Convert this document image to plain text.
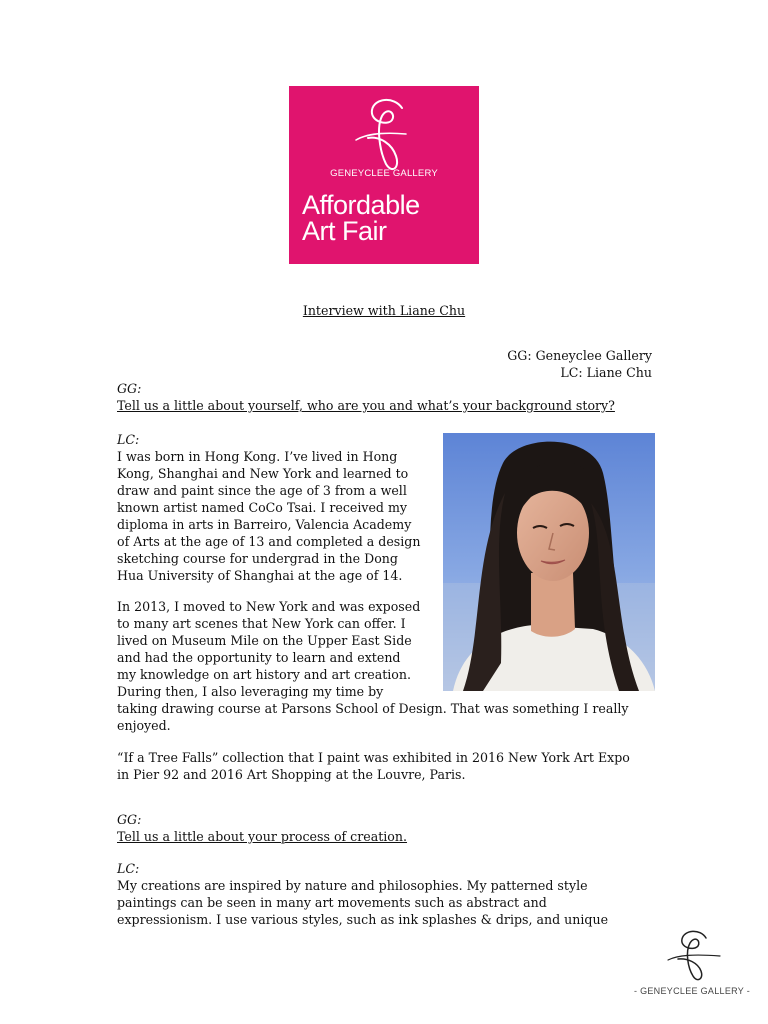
GENEYCLEE GALLERY
Affordable
Art Fair
Interview with Liane Chu
GG: Geneyclee Gallery
LC: Liane Chu
GG:
Tell us a little about yourself, who are you and what’s your background story?
LC:
I was born in Hong Kong. I’ve lived in Hong
Kong, Shanghai and New York and learned to
draw and paint since the age of 3 from a well
known artist named CoCo Tsai. I received my
diploma in arts in Barreiro, Valencia Academy
of Arts at the age of 13 and completed a design
sketching course for undergrad in the Dong
Hua University of Shanghai at the age of 14.
In 2013, I moved to New York and was exposed
to many art scenes that New York can offer. I
lived on Museum Mile on the Upper East Side
and had the opportunity to learn and extend
my knowledge on art history and art creation.
During then, I also leveraging my time by
taking drawing course at Parsons School of Design. That was something I really
enjoyed.
“If a Tree Falls” collection that I paint was exhibited in 2016 New York Art Expo
in Pier 92 and 2016 Art Shopping at the Louvre, Paris.
GG:
Tell us a little about your process of creation.
LC:
My creations are inspired by nature and philosophies. My patterned style
paintings can be seen in many art movements such as abstract and
expressionism. I use various styles, such as ink splashes & drips, and unique
- GENEYCLEE GALLERY -
